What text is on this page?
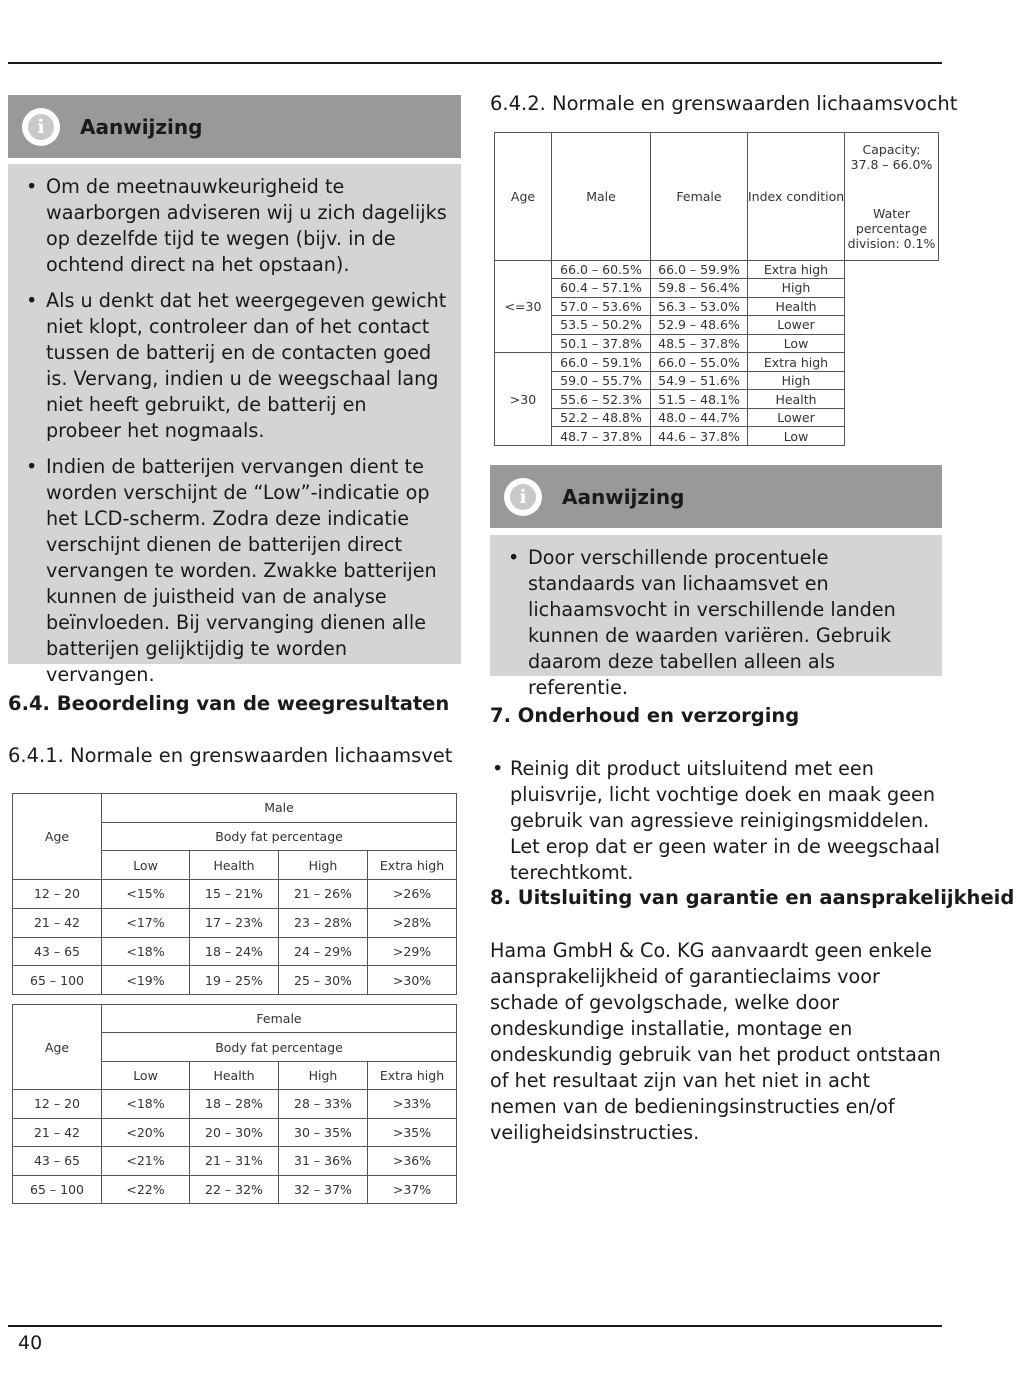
i	Aanwijzing
• Om de meetnauwkeurigheid te waarborgen adviseren wij u zich dagelijks op dezelfde tijd te wegen (bijv. in de ochtend direct na het opstaan).
• Als u denkt dat het weergegeven gewicht niet klopt, controleer dan of het contact tussen de batterij en de contacten goed is. Vervang, indien u de weegschaal lang niet heeft gebruikt, de batterij en probeer het nogmaals.
• Indien de batterijen vervangen dient te worden verschijnt de “Low”-indicatie op het LCD-scherm. Zodra deze indicatie verschijnt dienen de batterijen direct vervangen te worden. Zwakke batterijen kunnen de juistheid van de analyse beïnvloeden. Bij vervanging dienen alle batterijen gelijktijdig te worden vervangen.
6.4. Beoordeling van de weegresultaten
6.4.1. Normale en grenswaarden lichaamsvet
Age	Male			
	Body fat percentage			
	Low	Health	High	Extra high
12 – 20	<15%	15 – 21%	21 – 26%	>26%
21 – 42	<17%	17 – 23%	23 – 28%	>28%
43 – 65	<18%	18 – 24%	24 – 29%	>29%
65 – 100	<19%	19 – 25%	25 – 30%	>30%
Age	Female			
	Body fat percentage			
	Low	Health	High	Extra high
12 – 20	<18%	18 – 28%	28 – 33%	>33%
21 – 42	<20%	20 – 30%	30 – 35%	>35%
43 – 65	<21%	21 – 31%	31 – 36%	>36%
65 – 100	<22%	22 – 32%	32 – 37%	>37%
6.4.2. Normale en grenswaarden lichaamsvocht
Age	Male	Female	Index condition	Capacity: 37.8 – 66.0%
Water percentage division: 0.1%

<=30	66.0 – 60.5%	66.0 – 59.9%	Extra high	
	60.4 – 57.1%	59.8 – 56.4%	High	
	57.0 – 53.6%	56.3 – 53.0%	Health	
	53.5 – 50.2%	52.9 – 48.6%	Lower	
	50.1 – 37.8%	48.5 – 37.8%	Low	
>30	66.0 – 59.1%	66.0 – 55.0%	Extra high	
	59.0 – 55.7%	54.9 – 51.6%	High	
	55.6 – 52.3%	51.5 – 48.1%	Health	
	52.2 – 48.8%	48.0 – 44.7%	Lower	
	48.7 – 37.8%	44.6 – 37.8%	Low	
i	Aanwijzing
• Door verschillende procentuele standaards van lichaamsvet en lichaamsvocht in verschillende landen kunnen de waarden variëren. Gebruik daarom deze tabellen alleen als referentie.
7. Onderhoud en verzorging
• Reinig dit product uitsluitend met een pluisvrije, licht vochtige doek en maak geen gebruik van agressieve reinigingsmiddelen. Let erop dat er geen water in de weegschaal terechtkomt.
8. Uitsluiting van garantie en aansprakelijkheid
Hama GmbH & Co. KG aanvaardt geen enkele aansprakelijkheid of garantieclaims voor schade of gevolgschade, welke door ondeskundige installatie, montage en ondeskundig gebruik van het product ontstaan of het resultaat zijn van het niet in acht nemen van de bedieningsinstructies en/of veiligheidsinstructies.
40
